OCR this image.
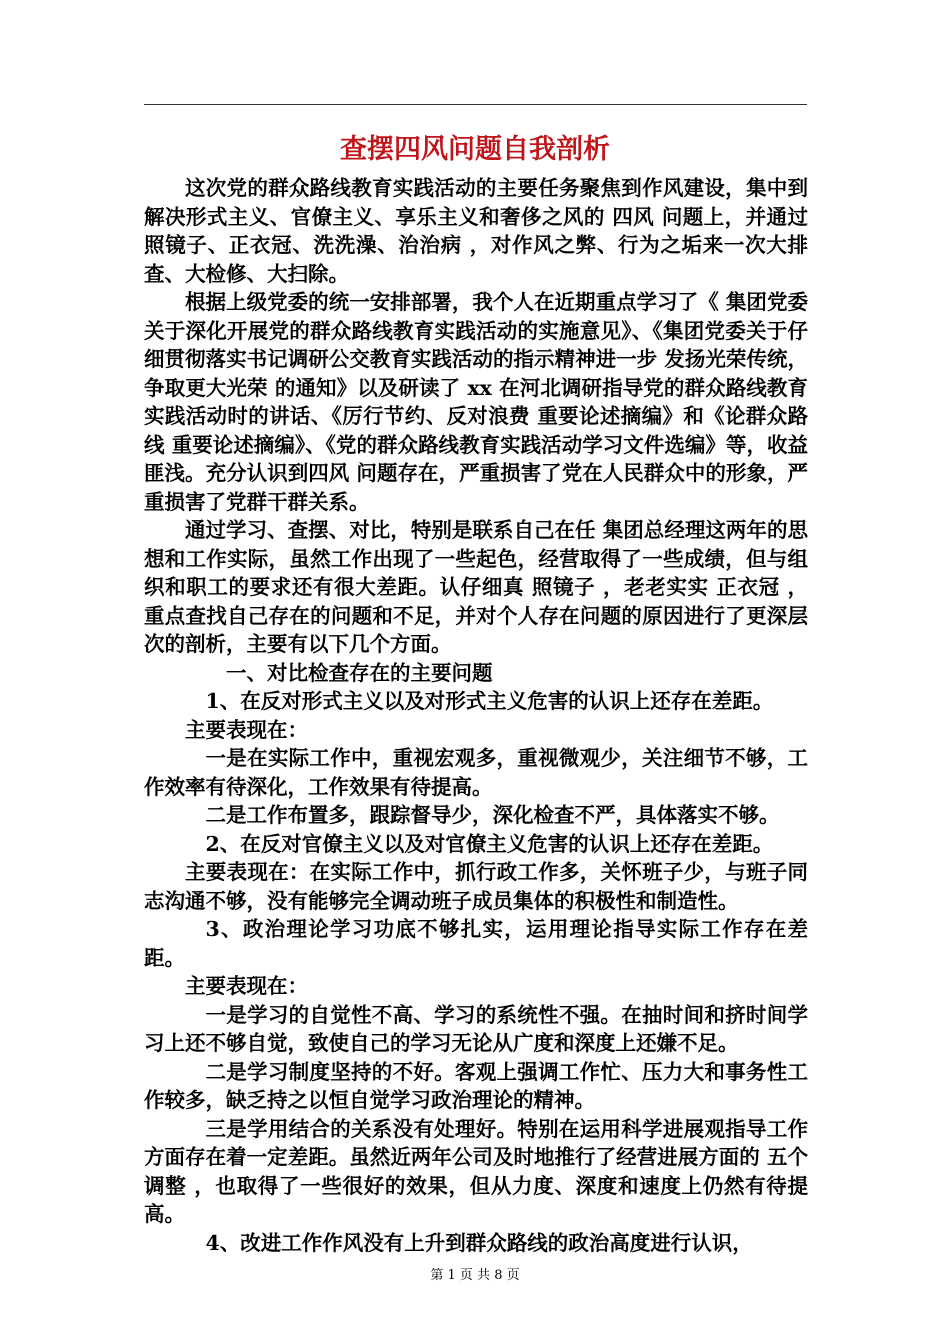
查摆四风问题自我剖析

这次党的群众路线教育实践活动的主要任务聚焦到作风建设，集中到解决形式主义、官僚主义、享乐主义和奢侈之风的 四风 问题上，并通过 照镜子、正衣冠、洗洗澡、治治病 ，对作风之弊、行为之垢来一次大排查、大检修、大扫除。

根据上级党委的统一安排部署，我个人在近期重点学习了《 集团党委关于深化开展党的群众路线教育实践活动的实施意见》、《集团党委关于仔细贯彻落实书记调研公交教育实践活动的指示精神进一步 发扬光荣传统，争取更大光荣 的通知》以及研读了 xx 在河北调研指导党的群众路线教育实践活动时的讲话、《厉行节约、反对浪费 重要论述摘编》和《论群众路线 重要论述摘编》、《党的群众路线教育实践活动学习文件选编》等，收益匪浅。充分认识到四风 问题存在，严重损害了党在人民群众中的形象，严重损害了党群干群关系。

通过学习、查摆、对比，特别是联系自己在任 集团总经理这两年的思想和工作实际，虽然工作出现了一些起色，经营取得了一些成绩，但与组织和职工的要求还有很大差距。认仔细真 照镜子 ，老老实实 正衣冠 ，重点查找自己存在的问题和不足，并对个人存在问题的原因进行了更深层次的剖析，主要有以下几个方面。

一、对比检查存在的主要问题

1、在反对形式主义以及对形式主义危害的认识上还存在差距。

主要表现在：

一是在实际工作中，重视宏观多，重视微观少，关注细节不够，工作效率有待深化，工作效果有待提高。

二是工作布置多，跟踪督导少，深化检查不严，具体落实不够。

2、在反对官僚主义以及对官僚主义危害的认识上还存在差距。

主要表现在：在实际工作中，抓行政工作多，关怀班子少，与班子同志沟通不够，没有能够完全调动班子成员集体的积极性和制造性。

3、政治理论学习功底不够扎实，运用理论指导实际工作存在差距。

主要表现在：

一是学习的自觉性不高、学习的系统性不强。在抽时间和挤时间学习上还不够自觉，致使自己的学习无论从广度和深度上还嫌不足。

二是学习制度坚持的不好。客观上强调工作忙、压力大和事务性工作较多，缺乏持之以恒自觉学习政治理论的精神。

三是学用结合的关系没有处理好。特别在运用科学进展观指导工作方面存在着一定差距。虽然近两年公司及时地推行了经营进展方面的 五个调整 ，也取得了一些很好的效果，但从力度、深度和速度上仍然有待提高。

4、改进工作作风没有上升到群众路线的政治高度进行认识，

第 1 页 共 8 页
